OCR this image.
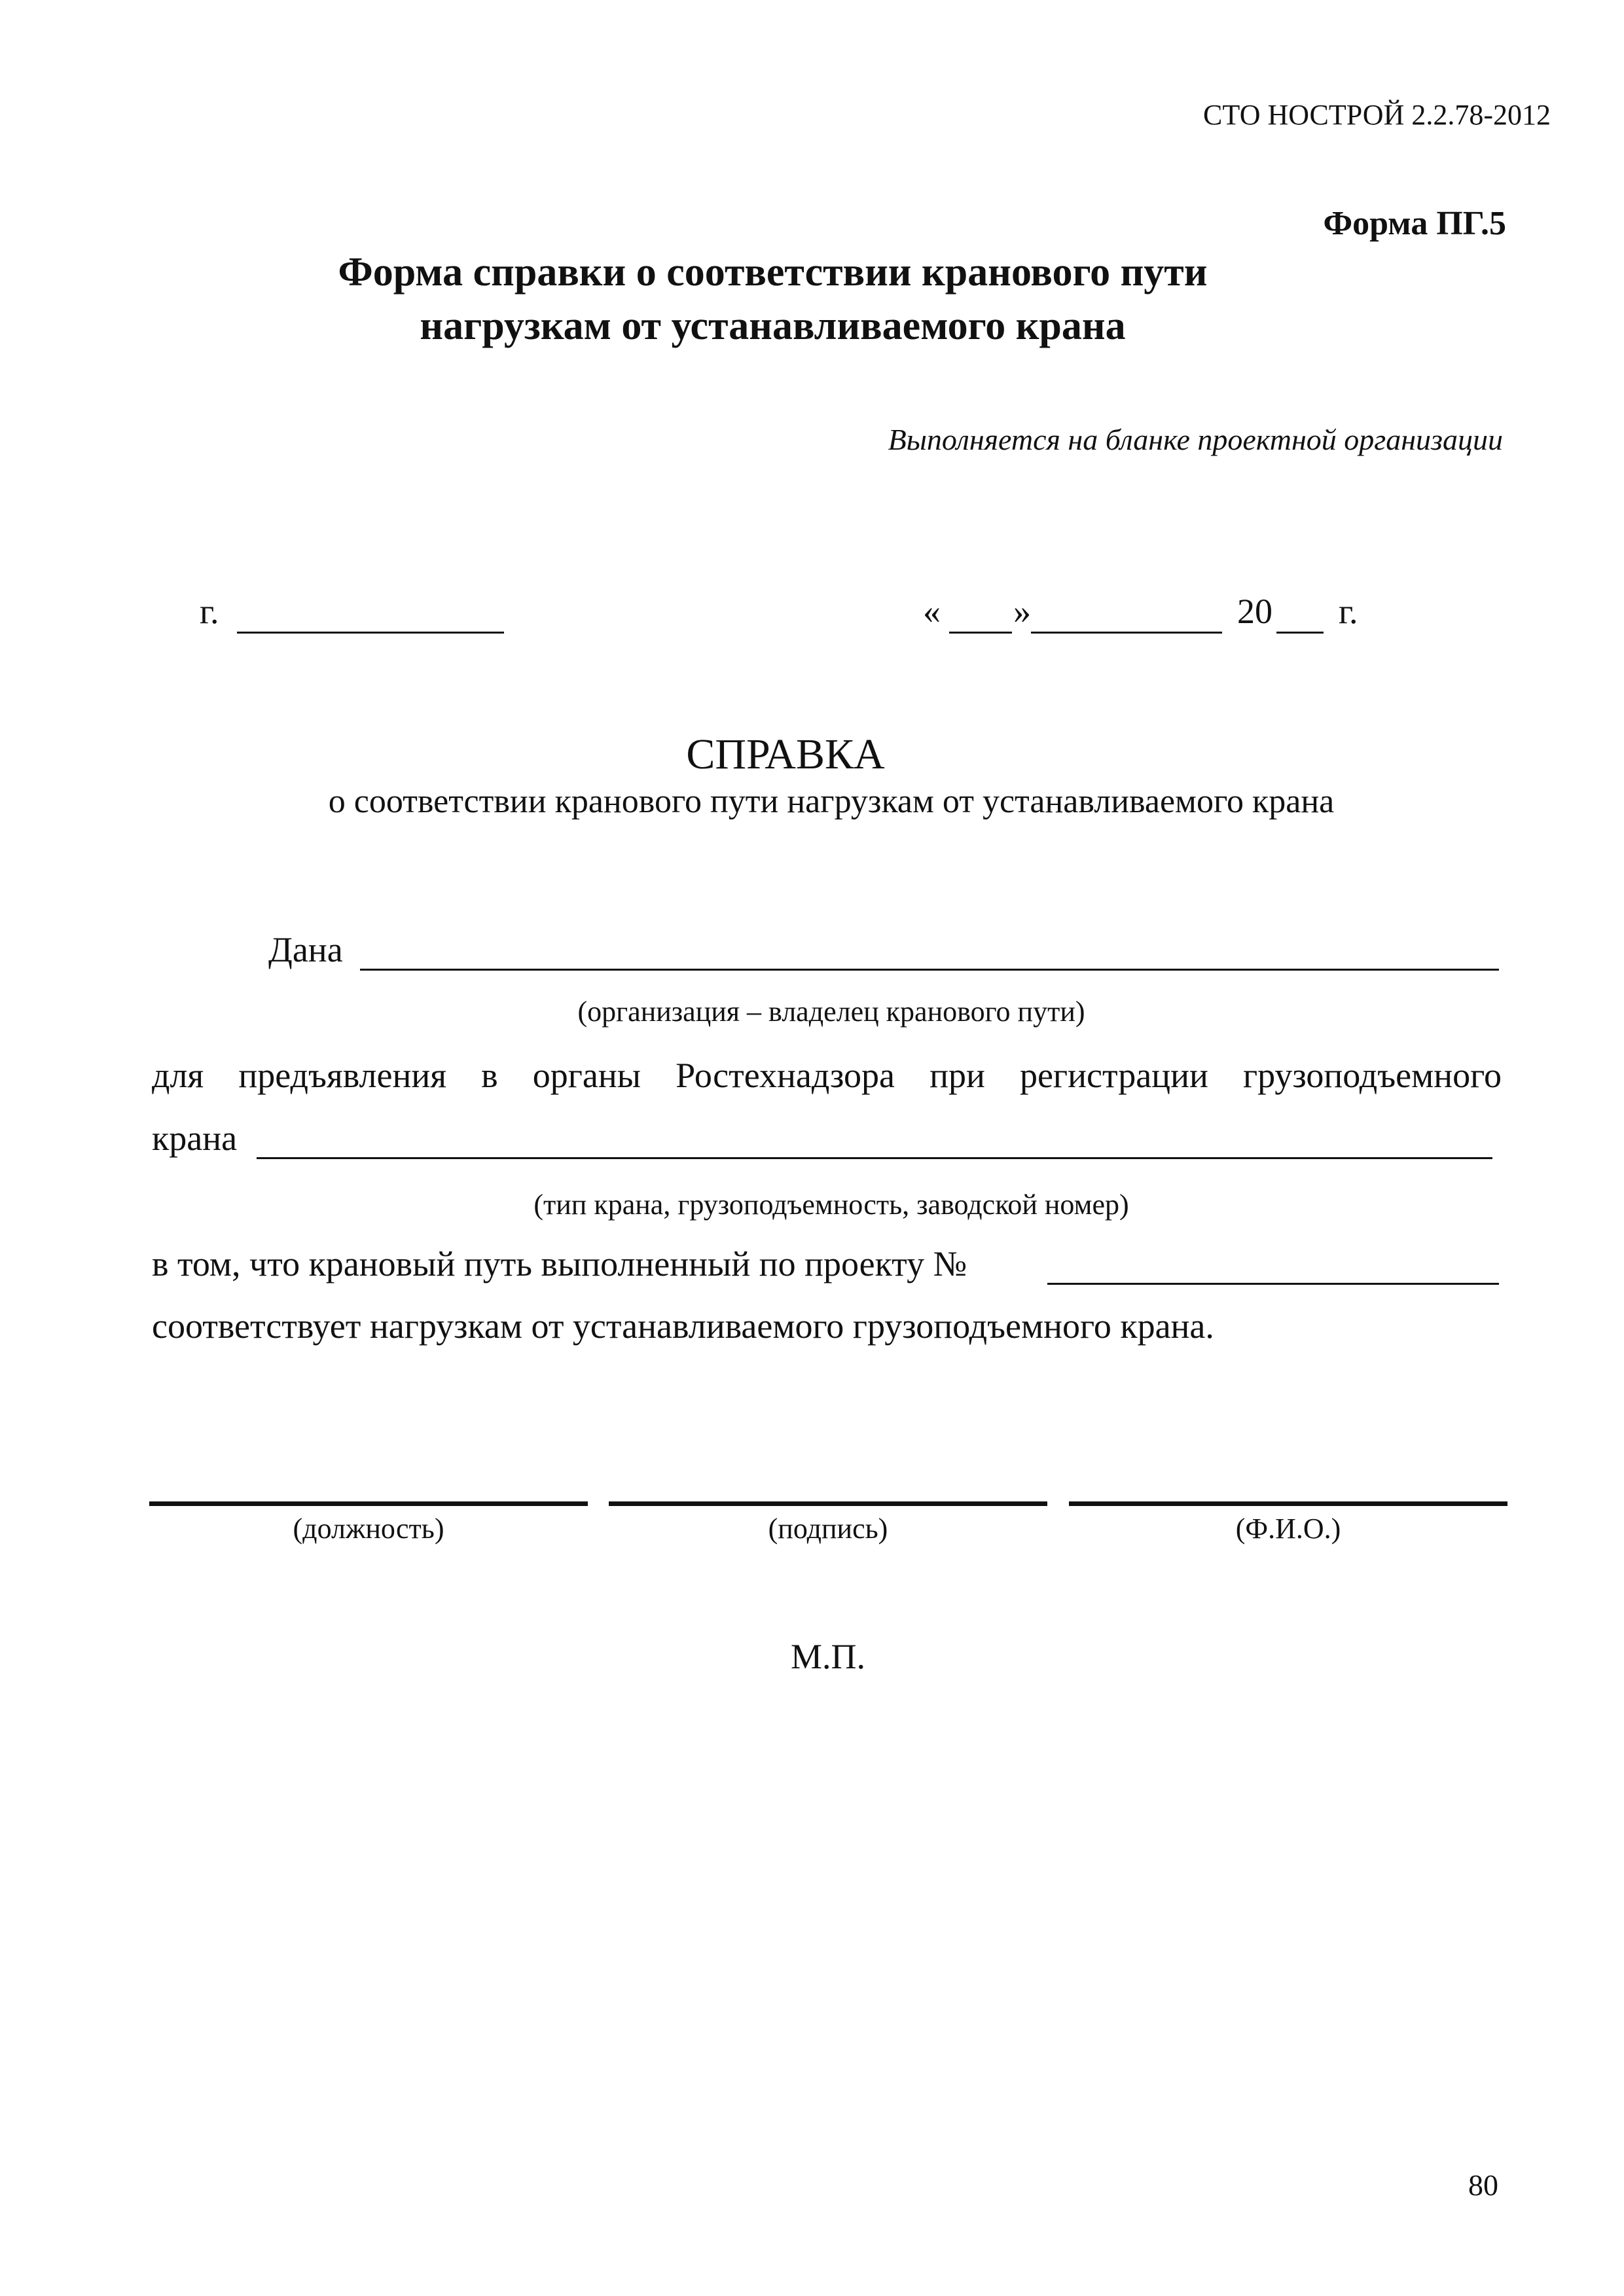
СТО НОСТРОЙ 2.2.78-2012
Форма ПГ.5
Форма справки о соответствии кранового пути
нагрузкам от устанавливаемого крана
Выполняется на бланке проектной организации
г.	« »	20 г.
СПРАВКА
о соответствии кранового пути нагрузкам от устанавливаемого крана
Дана
(организация – владелец кранового пути)
для предъявления в органы Ростехнадзора при регистрации грузоподъемного
крана
(тип крана, грузоподъемность, заводской номер)
в том, что крановый путь выполненный по проекту №
соответствует нагрузкам от устанавливаемого грузоподъемного крана.
(должность)	(подпись)	(Ф.И.О.)
М.П.
80
